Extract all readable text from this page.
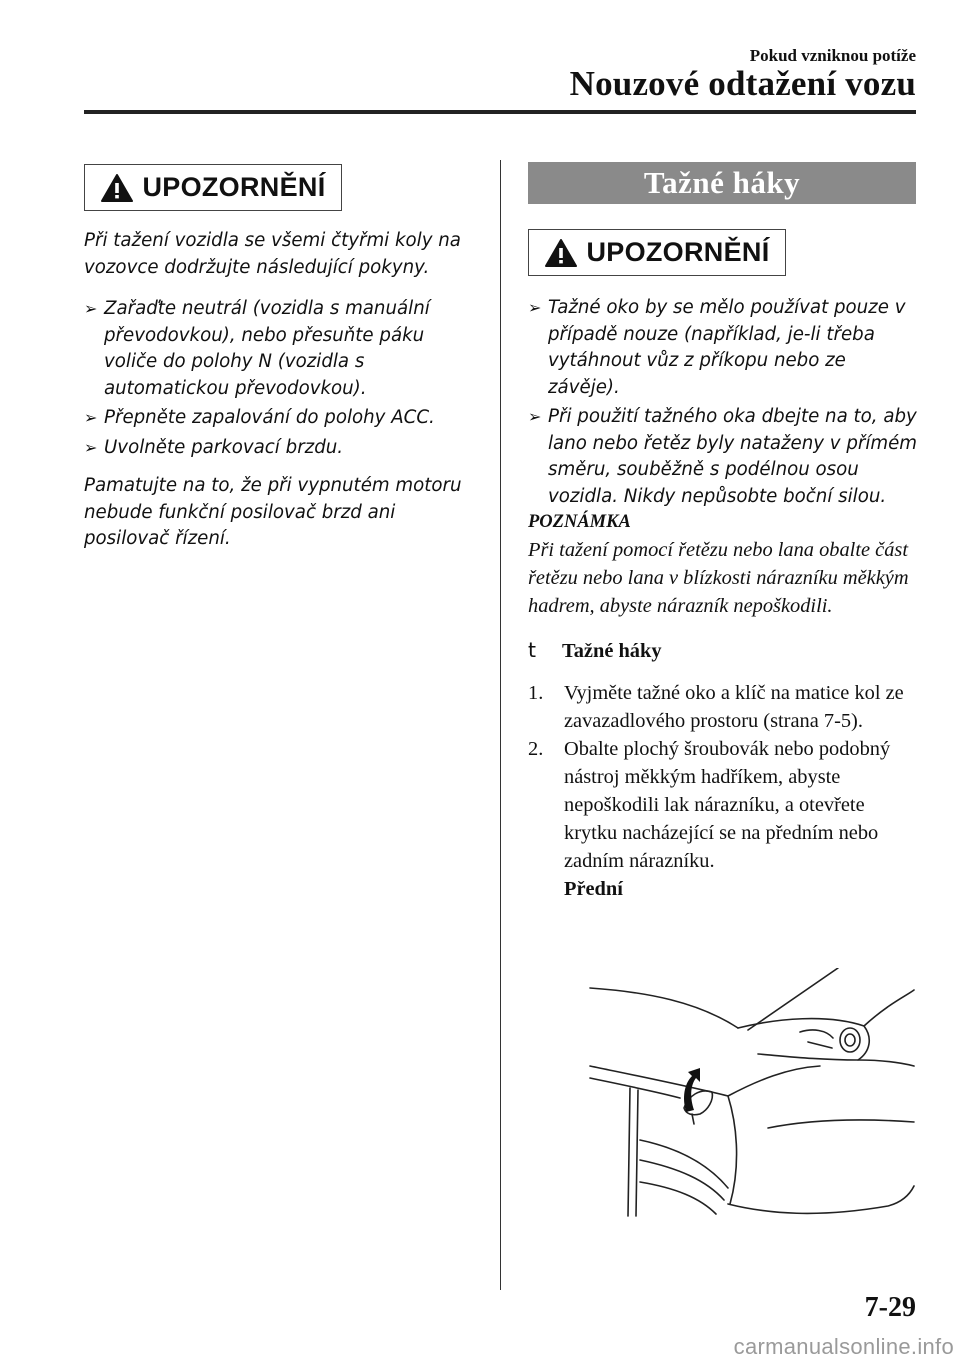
Pokud vzniknou potíže
Nouzové odtažení vozu
UPOZORNĚNÍ

Při tažení vozidla se všemi čtyřmi koly na vozovce dodržujte následující pokyny.

➢ Zařaďte neutrál (vozidla s manuální převodovkou), nebo přesuňte páku voliče do polohy N (vozidla s automatickou převodovkou).
➢ Přepněte zapalování do polohy ACC.
➢ Uvolněte parkovací brzdu.

Pamatujte na to, že při vypnutém motoru nebude funkční posilovač brzd ani posilovač řízení.

Tažné háky
UPOZORNĚNÍ
➢ Tažné oko by se mělo používat pouze v případě nouze (například, je-li třeba vytáhnout vůz z příkopu nebo ze závěje).
➢ Při použití tažného oka dbejte na to, aby lano nebo řetěz byly nataženy v přímém směru, souběžně s podélnou osou vozidla. Nikdy nepůsobte boční silou.
POZNÁMKA
Při tažení pomocí řetězu nebo lana obalte část řetězu nebo lana v blízkosti nárazníku měkkým hadrem, abyste nárazník nepoškodili.
t Tažné háky
1.	Vyjměte tažné oko a klíč na matice kol ze zavazadlového prostoru (strana 7-5).
2.	Obalte plochý šroubovák nebo podobný nástroj měkkým hadříkem, abyste nepoškodili lak nárazníku, a otevřete krytku nacházející se na předním nebo zadním nárazníku.
Přední
7-29
carmanualsonline.info
